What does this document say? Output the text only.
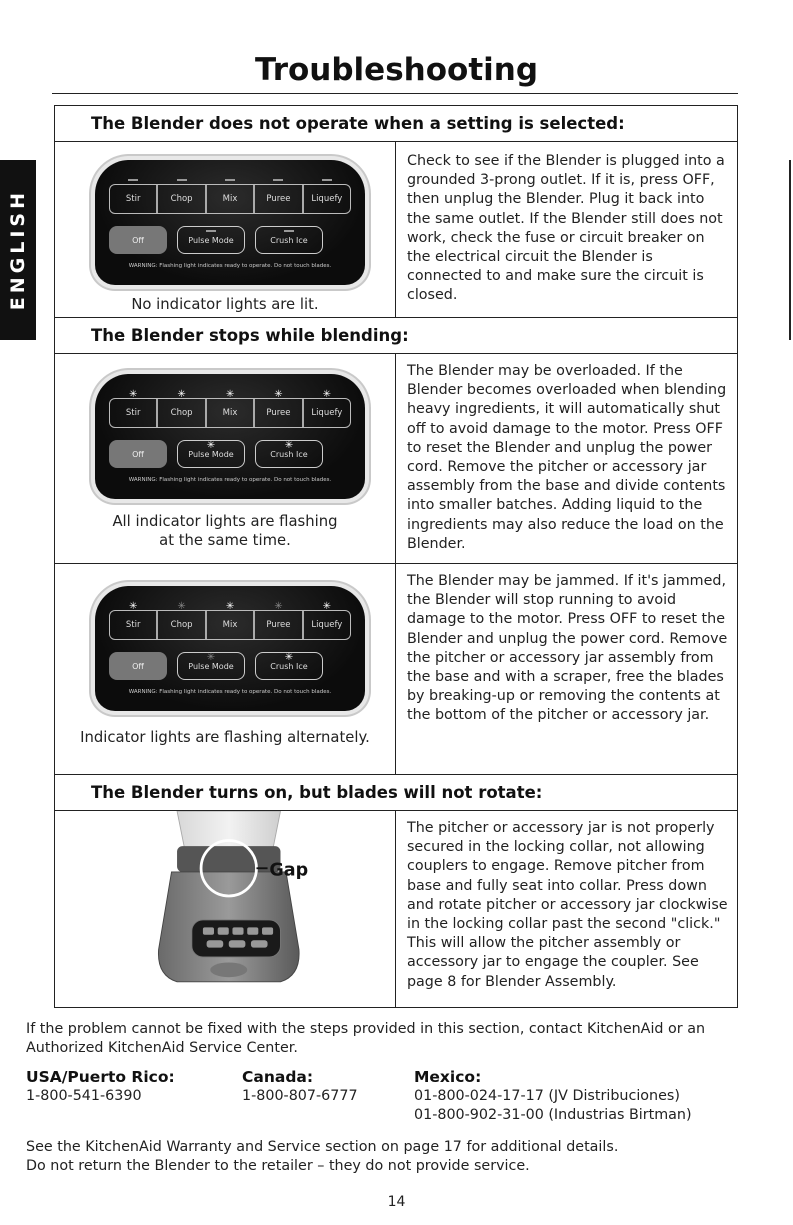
Troubleshooting
ENGLISH
The Blender does not operate when a setting is selected:
Stir	Chop	Mix	Puree Liquefy
Off	Pulse Mode	Crush Ice
WARNING: Flashing light indicates ready to operate. Do not touch blades.
No indicator lights are lit.
Check to see if the Blender is plugged into a grounded 3-prong outlet. If it is, press OFF, then unplug the Blender. Plug it back into the same outlet. If the Blender still does not work, check the fuse or circuit breaker on the electrical circuit the Blender is connected to and make sure the circuit is closed.
The Blender stops while blending:
✳
Stir
✳
Chop
✳
Mix
✳
Puree
✳
Liquefy
Off
✳
Pulse Mode
✳
Crush Ice
WARNING: Flashing light indicates ready to operate. Do not touch blades.
All indicator lights are flashing
at the same time.
The Blender may be overloaded. If the Blender becomes overloaded when blending heavy ingredients, it will automatically shut off to avoid damage to the motor. Press OFF to reset the Blender and unplug the power cord. Remove the pitcher or accessory jar assembly from the base and divide contents into smaller batches. Adding liquid to the ingredients may also reduce the load on the Blender.
✳
Stir
✳
Chop
✳
Mix
✳
Puree
✳
Liquefy
Off
✳
Pulse Mode
✳
Crush Ice
WARNING: Flashing light indicates ready to operate. Do not touch blades.
Indicator lights are flashing alternately.
The Blender may be jammed. If it's jammed, the Blender will stop running to avoid damage to the motor. Press OFF to reset the Blender and unplug the power cord. Remove the pitcher or accessory jar assembly from the base and with a scraper, free the blades by breaking-up or removing the contents at the bottom of the pitcher or accessory jar.
The Blender turns on, but blades will not rotate:
Gap
The pitcher or accessory jar is not properly secured in the locking collar, not allowing couplers to engage. Remove pitcher from base and fully seat into collar. Press down and rotate pitcher or accessory jar clockwise in the locking collar past the second "click." This will allow the pitcher assembly or accessory jar to engage the coupler. See page 8 for Blender Assembly.
If the problem cannot be fixed with the steps provided in this section, contact KitchenAid or an Authorized KitchenAid Service Center.
USA/Puerto Rico:
1-800-541-6390
Canada:
1-800-807-6777
Mexico:
01-800-024-17-17 (JV Distribuciones)
01-800-902-31-00 (Industrias Birtman)
See the KitchenAid Warranty and Service section on page 17 for additional details.
Do not return the Blender to the retailer – they do not provide service.
14
